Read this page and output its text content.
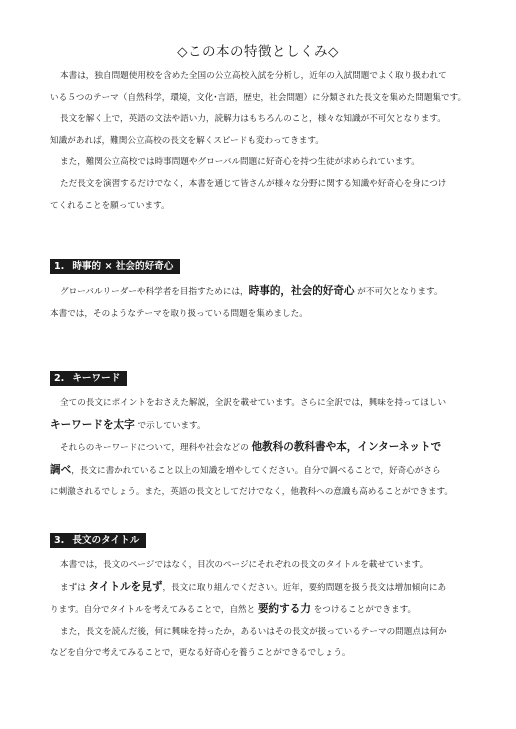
◇この本の特徴としくみ◇

本書は，独自問題使用校を含めた全国の公立高校入試を分析し，近年の入試問題でよく取り扱われて

いる５つのテーマ（自然科学，環境，文化･言語，歴史，社会問題）に分類された長文を集めた問題集です。

長文を解く上で，英語の文法や語い力，読解力はもちろんのこと，様々な知識が不可欠となります。

知識があれば，難関公立高校の長文を解くスピードも変わってきます。

また，難関公立高校では時事問題やグローバル問題に好奇心を持つ生徒が求められています。

ただ長文を演習するだけでなく，本書を通じて皆さんが様々な分野に関する知識や好奇心を身につけ

てくれることを願っています。

1. 時事的 × 社会的好奇心

グローバルリーダーや科学者を目指すためには，時事的，社会的好奇心 が不可欠となります。

本書では，そのようなテーマを取り扱っている問題を集めました。

2. キーワード

全ての長文にポイントをおさえた解説，全訳を載せています。さらに全訳では，興味を持ってほしい

キーワードを太字 で示しています。

それらのキーワードについて，理科や社会などの 他教科の教科書や本，インターネットで

調べ，長文に書かれていること以上の知識を増やしてください。自分で調べることで，好奇心がさら

に刺激されるでしょう。また，英語の長文としてだけでなく，他教科への意識も高めることができます。

3. 長文のタイトル

本書では，長文のページではなく，目次のページにそれぞれの長文のタイトルを載せています。

まずは タイトルを見ず，長文に取り組んでください。近年，要約問題を扱う長文は増加傾向にあ

ります。自分でタイトルを考えてみることで，自然と 要約する力 をつけることができます。

また，長文を読んだ後，何に興味を持ったか，あるいはその長文が扱っているテーマの問題点は何か

などを自分で考えてみることで，更なる好奇心を養うことができるでしょう。
